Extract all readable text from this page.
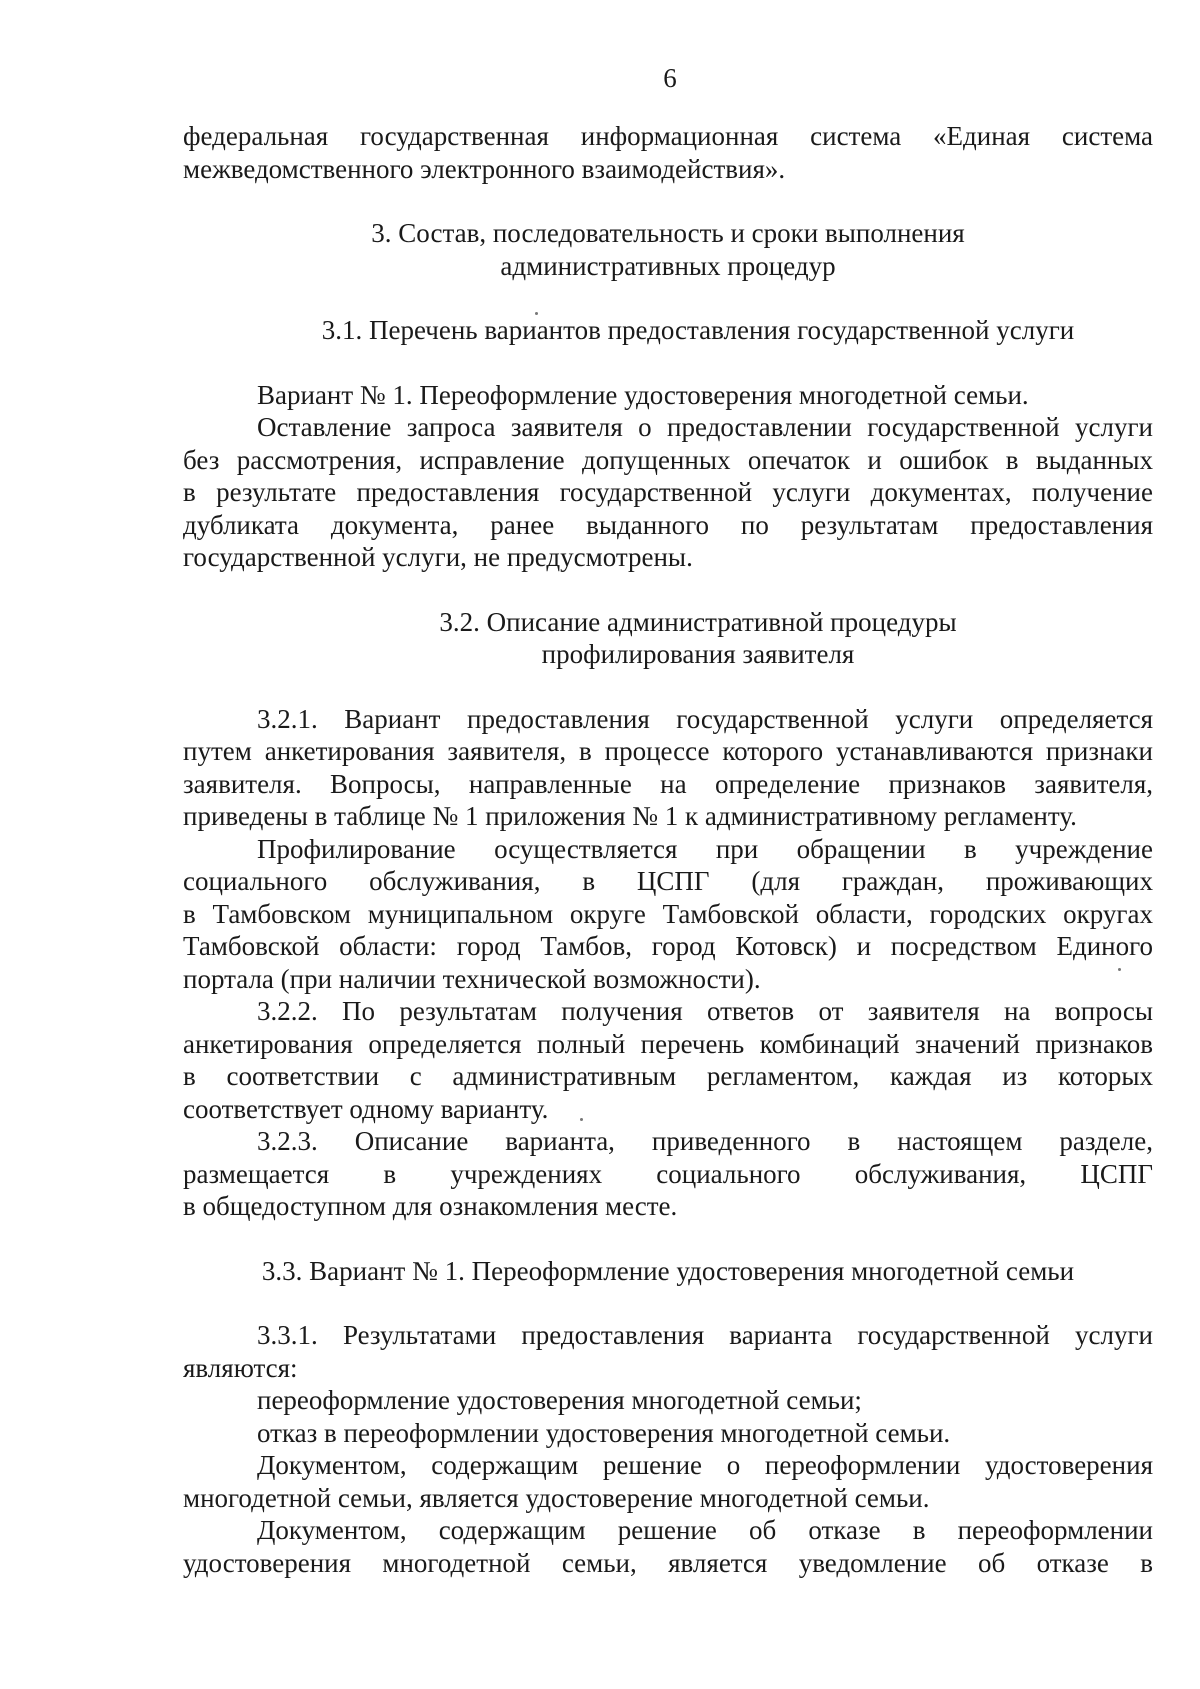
6
федеральная государственная информационная система «Единая система
межведомственного электронного взаимодействия».
3. Состав, последовательность и сроки выполнения
административных процедур
3.1. Перечень вариантов предоставления государственной услуги
Вариант № 1. Переоформление удостоверения многодетной семьи.
Оставление запроса заявителя о предоставлении государственной услуги
без рассмотрения, исправление допущенных опечаток и ошибок в выданных
в результате предоставления государственной услуги документах, получение
дубликата документа, ранее выданного по результатам предоставления
государственной услуги, не предусмотрены.
3.2. Описание административной процедуры
профилирования заявителя
3.2.1. Вариант предоставления государственной услуги определяется
путем анкетирования заявителя, в процессе которого устанавливаются признаки
заявителя. Вопросы, направленные на определение признаков заявителя,
приведены в таблице № 1 приложения № 1 к административному регламенту.
Профилирование осуществляется при обращении в учреждение
социального обслуживания, в ЦСПГ (для граждан, проживающих
в Тамбовском муниципальном округе Тамбовской области, городских округах
Тамбовской области: город Тамбов, город Котовск) и посредством Единого
портала (при наличии технической возможности).
3.2.2. По результатам получения ответов от заявителя на вопросы
анкетирования определяется полный перечень комбинаций значений признаков
в соответствии с административным регламентом, каждая из которых
соответствует одному варианту.
3.2.3. Описание варианта, приведенного в настоящем разделе,
размещается в учреждениях социального обслуживания, ЦСПГ
в общедоступном для ознакомления месте.
3.3. Вариант № 1. Переоформление удостоверения многодетной семьи
3.3.1. Результатами предоставления варианта государственной услуги
являются:
переоформление удостоверения многодетной семьи;
отказ в переоформлении удостоверения многодетной семьи.
Документом, содержащим решение о переоформлении удостоверения
многодетной семьи, является удостоверение многодетной семьи.
Документом, содержащим решение об отказе в переоформлении
удостоверения многодетной семьи, является уведомление об отказе в
